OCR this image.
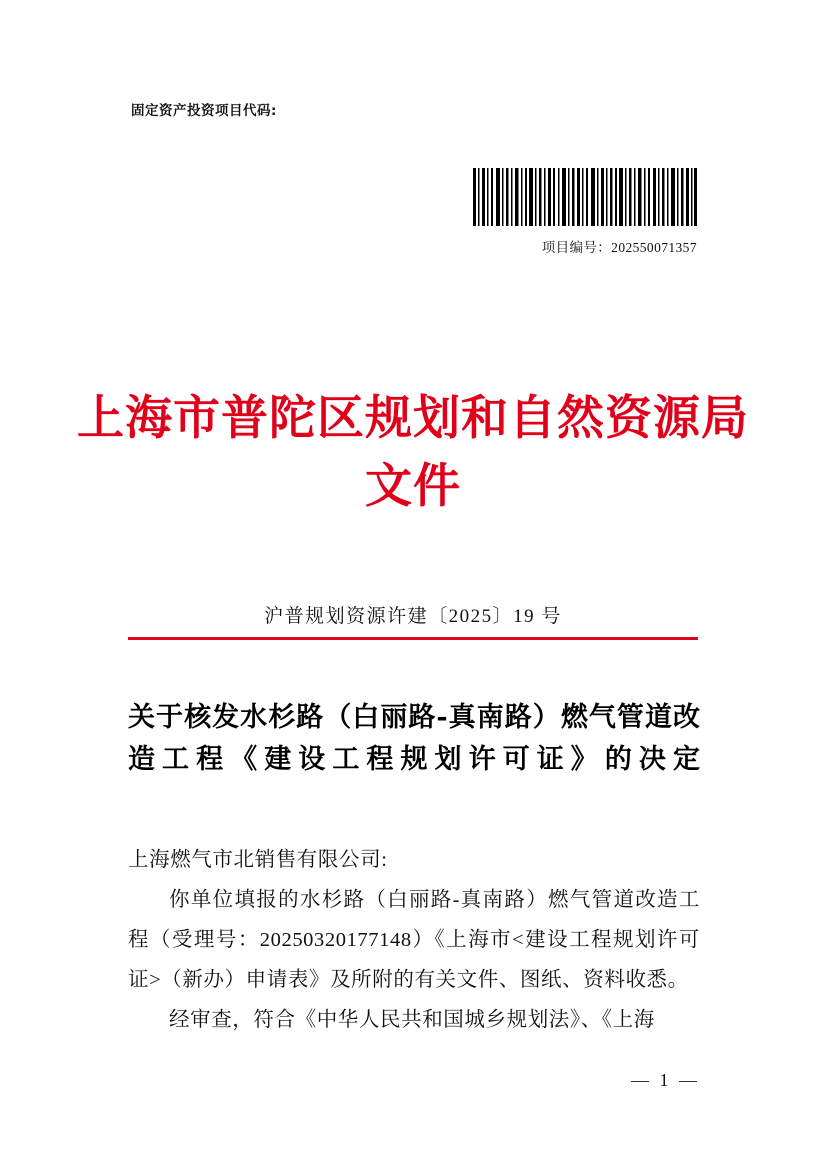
固定资产投资项目代码:
项目编号：202550071357
上海市普陀区规划和自然资源局
文件
沪普规划资源许建〔2025〕19 号
关于核发水杉路（白丽路-真南路）燃气管道改造工程《建设工程规划许可证》的决定

上海燃气市北销售有限公司:

你单位填报的水杉路（白丽路-真南路）燃气管道改造工程（受理号：20250320177148）《上海市<建设工程规划许可证>（新办）申请表》及所附的有关文件、图纸、资料收悉。

经审查，符合《中华人民共和国城乡规划法》、《上海

— 1 —
